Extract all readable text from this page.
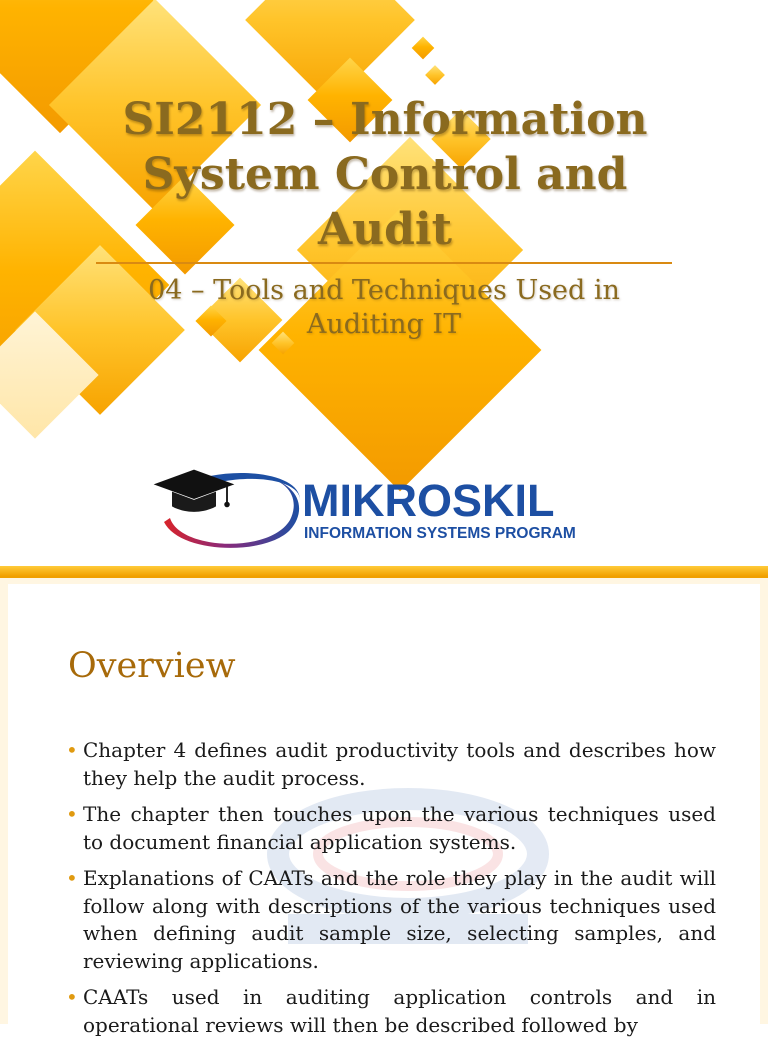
SI2112 – Information System Control and Audit
04 – Tools and Techniques Used in Auditing IT
MIKROSKIL
INFORMATION SYSTEMS PROGRAM
Overview
• Chapter 4 defines audit productivity tools and describes how they help the audit process.
• The chapter then touches upon the various techniques used to document financial application systems.
• Explanations of CAATs and the role they play in the audit will follow along with descriptions of the various techniques used when defining audit sample size, selecting samples, and reviewing applications.
• CAATs used in auditing application controls and in operational reviews will then be described followed by
